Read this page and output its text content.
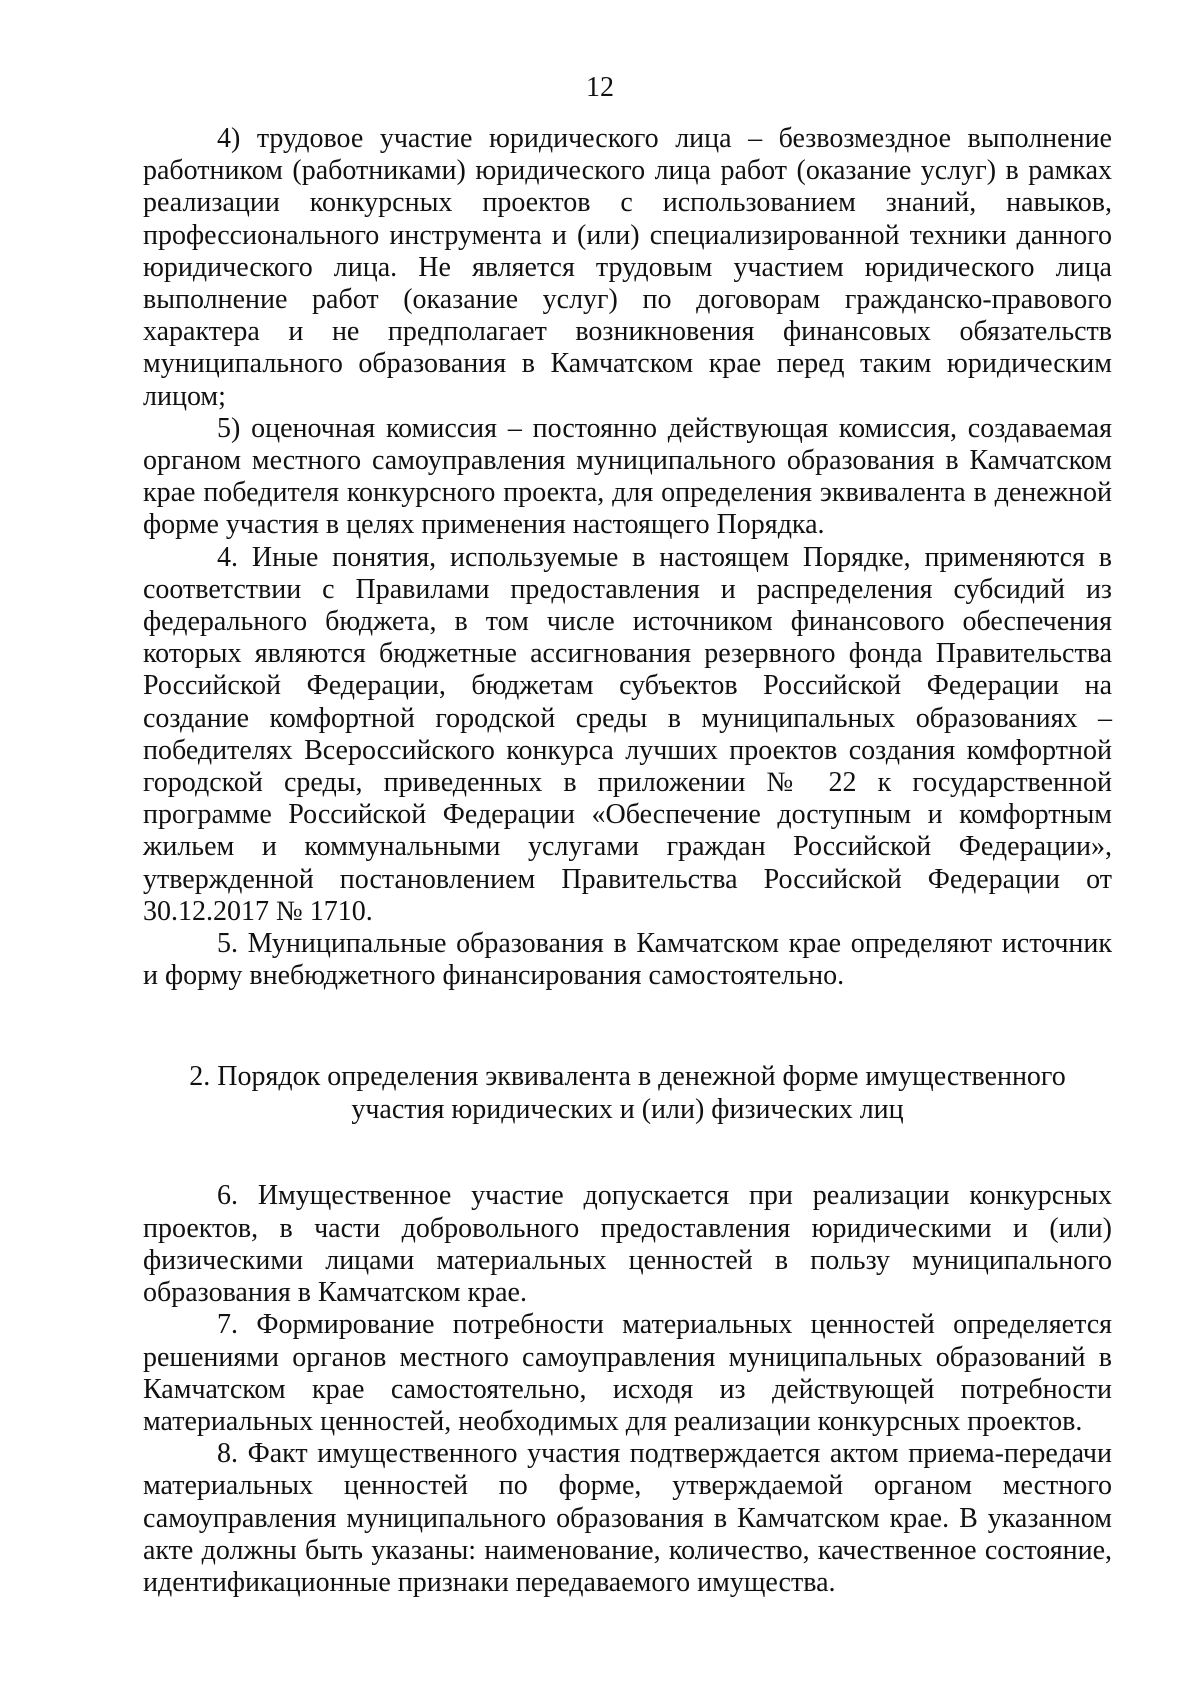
12

4) трудовое участие юридического лица – безвозмездное выполнение работником (работниками) юридического лица работ (оказание услуг) в рамках реализации конкурсных проектов с использованием знаний, навыков, профессионального инструмента и (или) специализированной техники данного юридического лица. Не является трудовым участием юридического лица выполнение работ (оказание услуг) по договорам гражданско-правового характера и не предполагает возникновения финансовых обязательств муниципального образования в Камчатском крае перед таким юридическим лицом;

5) оценочная комиссия – постоянно действующая комиссия, создаваемая органом местного самоуправления муниципального образования в Камчатском крае победителя конкурсного проекта, для определения эквивалента в денежной форме участия в целях применения настоящего Порядка.

4. Иные понятия, используемые в настоящем Порядке, применяются в соответствии с Правилами предоставления и распределения субсидий из федерального бюджета, в том числе источником финансового обеспечения которых являются бюджетные ассигнования резервного фонда Правительства Российской Федерации, бюджетам субъектов Российской Федерации на создание комфортной городской среды в муниципальных образованиях – победителях Всероссийского конкурса лучших проектов создания комфортной городской среды, приведенных в приложении № 22 к государственной программе Российской Федерации «Обеспечение доступным и комфортным жильем и коммунальными услугами граждан Российской Федерации», утвержденной постановлением Правительства Российской Федерации от 30.12.2017 № 1710.

5. Муниципальные образования в Камчатском крае определяют источник и форму внебюджетного финансирования самостоятельно.

2. Порядок определения эквивалента в денежной форме имущественного
участия юридических и (или) физических лиц

6. Имущественное участие допускается при реализации конкурсных проектов, в части добровольного предоставления юридическими и (или) физическими лицами материальных ценностей в пользу муниципального образования в Камчатском крае.

7. Формирование потребности материальных ценностей определяется решениями органов местного самоуправления муниципальных образований в Камчатском крае самостоятельно, исходя из действующей потребности материальных ценностей, необходимых для реализации конкурсных проектов.

8. Факт имущественного участия подтверждается актом приема-передачи материальных ценностей по форме, утверждаемой органом местного самоуправления муниципального образования в Камчатском крае. В указанном акте должны быть указаны: наименование, количество, качественное состояние, идентификационные признаки передаваемого имущества.
